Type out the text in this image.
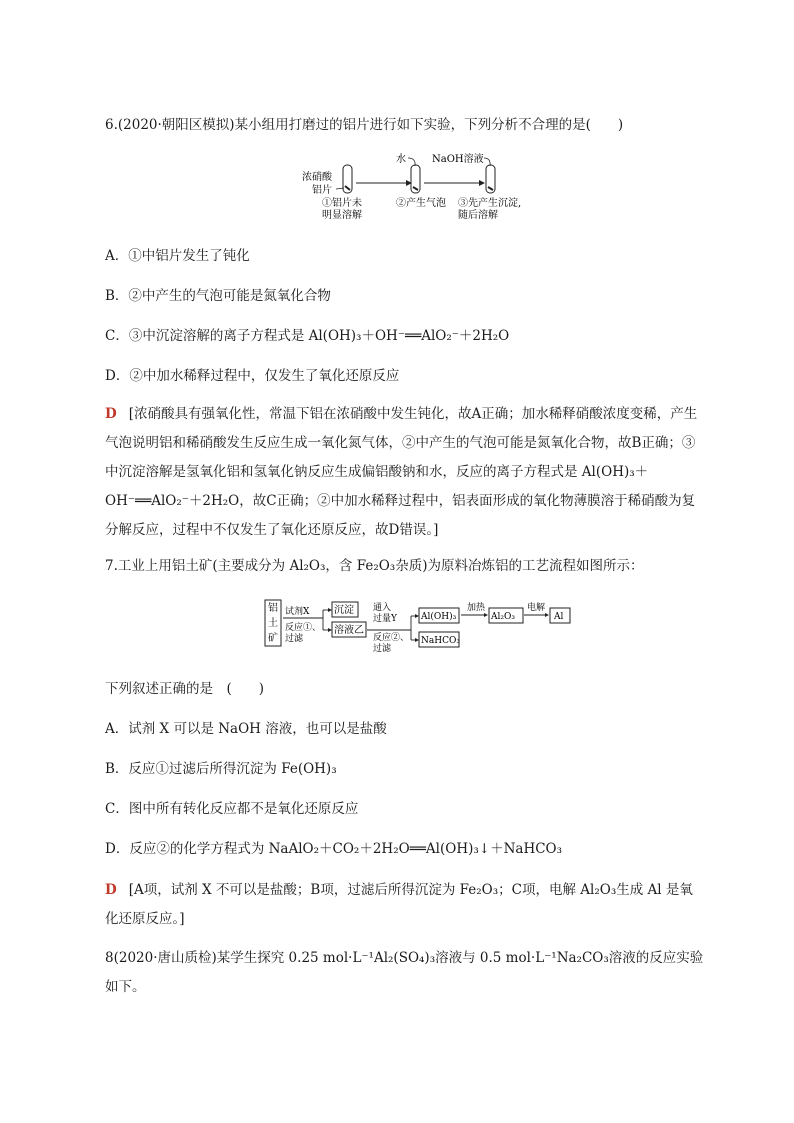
6.(2020·朝阳区模拟)某小组用打磨过的铝片进行如下实验，下列分析不合理的是(　　)
浓硝酸
铝片
水	NaOH溶液
①铝片未
明显溶解
②产生气泡 ③先产生沉淀,
随后溶解
A．①中铝片发生了钝化
B．②中产生的气泡可能是氮氧化合物
C．③中沉淀溶解的离子方程式是 Al(OH)₃＋OH⁻══AlO₂⁻＋2H₂O
D．②中加水稀释过程中，仅发生了氧化还原反应
D [浓硝酸具有强氧化性，常温下铝在浓硝酸中发生钝化，故A正确；加水稀释硝酸浓度变稀，产生气泡说明铝和稀硝酸发生反应生成一氧化氮气体，②中产生的气泡可能是氮氧化合物，故B正确；③中沉淀溶解是氢氧化铝和氢氧化钠反应生成偏铝酸钠和水，反应的离子方程式是 Al(OH)₃＋OH⁻══AlO₂⁻＋2H₂O，故C正确；②中加水稀释过程中，铝表面形成的氧化物薄膜溶于稀硝酸为复分解反应，过程中不仅发生了氧化还原反应，故D错误。]
7.工业上用铝土矿(主要成分为 Al₂O₃，含 Fe₂O₃杂质)为原料冶炼铝的工艺流程如图所示：
铝
土
矿
试剂X
反应①、
过滤
沉淀
溶液乙
通入
过量Y
反应②、
过滤
Al(OH)₃
NaHCO₃
加热
Al₂O₃
电解
Al
下列叙述正确的是　(　　)
A．试剂 X 可以是 NaOH 溶液，也可以是盐酸
B．反应①过滤后所得沉淀为 Fe(OH)₃
C．图中所有转化反应都不是氧化还原反应
D．反应②的化学方程式为 NaAlO₂＋CO₂＋2H₂O══Al(OH)₃↓＋NaHCO₃
D [A项，试剂 X 不可以是盐酸；B项，过滤后所得沉淀为 Fe₂O₃；C项，电解 Al₂O₃生成 Al 是氧化还原反应。]
8(2020·唐山质检)某学生探究 0.25 mol·L⁻¹Al₂(SO₄)₃溶液与 0.5 mol·L⁻¹Na₂CO₃溶液的反应实验如下。
